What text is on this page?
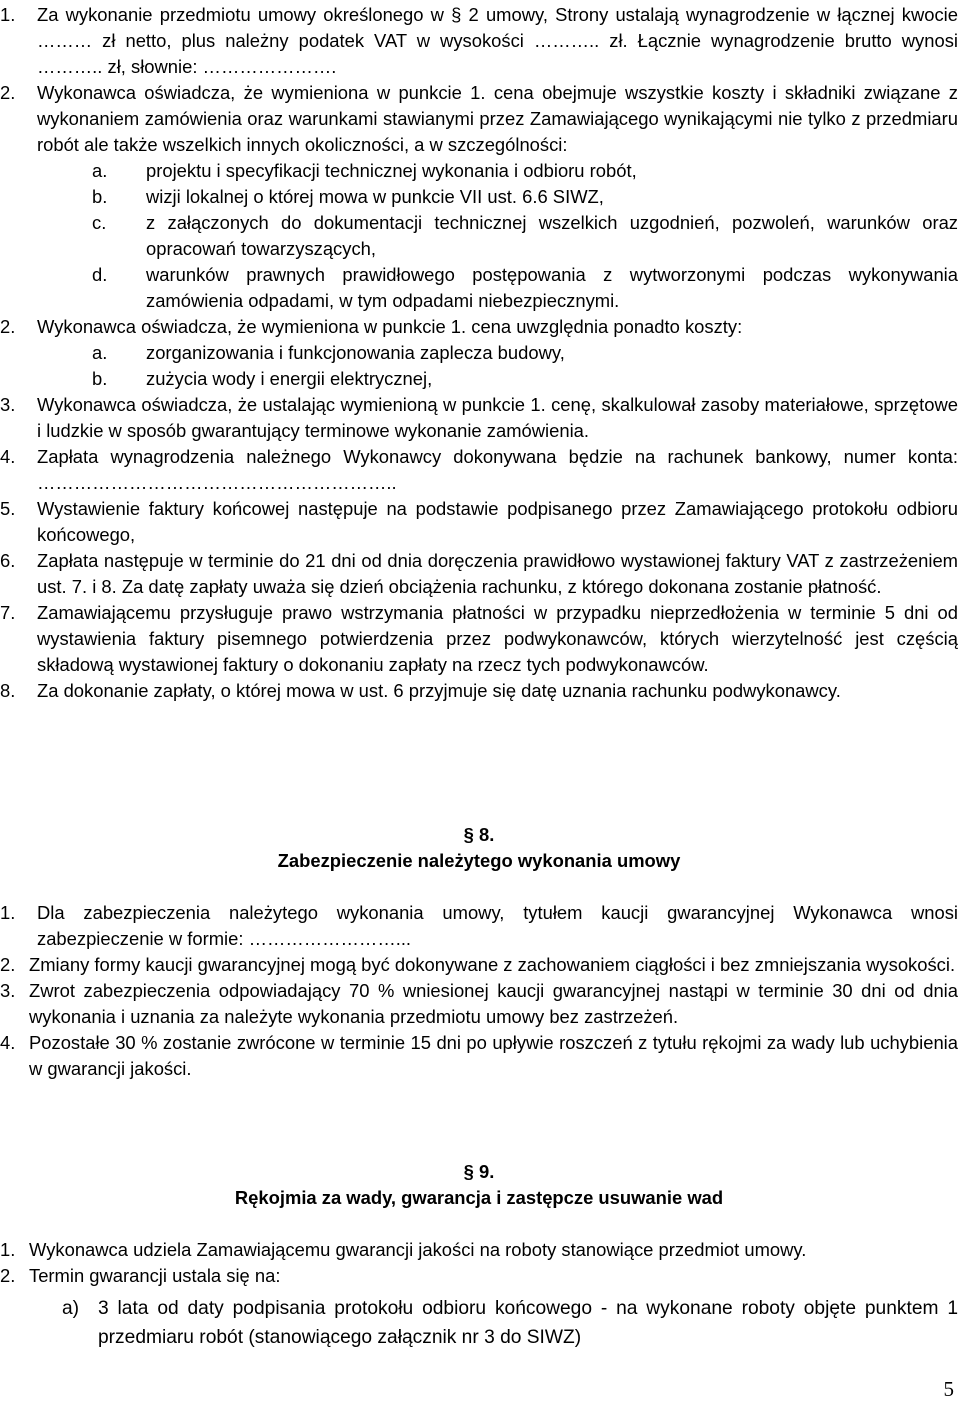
1. Za wykonanie przedmiotu umowy określonego w § 2 umowy, Strony ustalają wynagrodzenie w łącznej kwocie ……… zł netto, plus należny podatek VAT w wysokości ……….. zł. Łącznie wynagrodzenie brutto wynosi ……….. zł, słownie: ………………….
2. Wykonawca oświadcza, że wymieniona w punkcie 1. cena obejmuje wszystkie koszty i składniki związane z wykonaniem zamówienia oraz warunkami stawianymi przez Zamawiającego wynikającymi nie tylko z przedmiaru robót ale także wszelkich innych okoliczności, a w szczególności:
a. projektu i specyfikacji technicznej wykonania i odbioru robót,
b. wizji lokalnej o której mowa w punkcie VII ust. 6.6 SIWZ,
c. z załączonych do dokumentacji technicznej wszelkich uzgodnień, pozwoleń, warunków oraz opracowań towarzyszących,
d. warunków prawnych prawidłowego postępowania z wytworzonymi podczas wykonywania zamówienia odpadami, w tym odpadami niebezpiecznymi.
2. Wykonawca oświadcza, że wymieniona w punkcie 1. cena uwzględnia ponadto koszty:
a. zorganizowania i funkcjonowania zaplecza budowy,
b. zużycia wody i energii elektrycznej,
3. Wykonawca oświadcza, że ustalając wymienioną w punkcie 1. cenę, skalkulował zasoby materiałowe, sprzętowe i ludzkie w sposób gwarantujący terminowe wykonanie zamówienia.
4. Zapłata wynagrodzenia należnego Wykonawcy dokonywana będzie na rachunek bankowy, numer konta: …………………………………………………..
5. Wystawienie faktury końcowej następuje na podstawie podpisanego przez Zamawiającego protokołu odbioru końcowego,
6. Zapłata następuje w terminie do 21 dni od dnia doręczenia prawidłowo wystawionej faktury VAT z zastrzeżeniem ust. 7. i 8. Za datę zapłaty uważa się dzień obciążenia rachunku, z którego dokonana zostanie płatność.
7. Zamawiającemu przysługuje prawo wstrzymania płatności w przypadku nieprzedłożenia w terminie 5 dni od wystawienia faktury pisemnego potwierdzenia przez podwykonawców, których wierzytelność jest częścią składową wystawionej faktury o dokonaniu zapłaty na rzecz tych podwykonawców.
8. Za dokonanie zapłaty, o której mowa w ust. 6 przyjmuje się datę uznania rachunku podwykonawcy.

§ 8.

Zabezpieczenie należytego wykonania umowy

1. Dla zabezpieczenia należytego wykonania umowy, tytułem kaucji gwarancyjnej Wykonawca wnosi zabezpieczenie w formie: ……………………...
2. Zmiany formy kaucji gwarancyjnej mogą być dokonywane z zachowaniem ciągłości i bez zmniejszania wysokości.
3. Zwrot zabezpieczenia odpowiadający 70 % wniesionej kaucji gwarancyjnej nastąpi w terminie 30 dni od dnia wykonania i uznania za należyte wykonania przedmiotu umowy bez zastrzeżeń.
4. Pozostałe 30 % zostanie zwrócone w terminie 15 dni po upływie roszczeń z tytułu rękojmi za wady lub uchybienia w gwarancji jakości.

§ 9.

Rękojmia za wady, gwarancja i zastępcze usuwanie wad

1. Wykonawca udziela Zamawiającemu gwarancji jakości na roboty stanowiące przedmiot umowy.
2. Termin gwarancji ustala się na:
a) 3 lata od daty podpisania protokołu odbioru końcowego - na wykonane roboty objęte punktem 1 przedmiaru robót (stanowiącego załącznik nr 3 do SIWZ)
5
